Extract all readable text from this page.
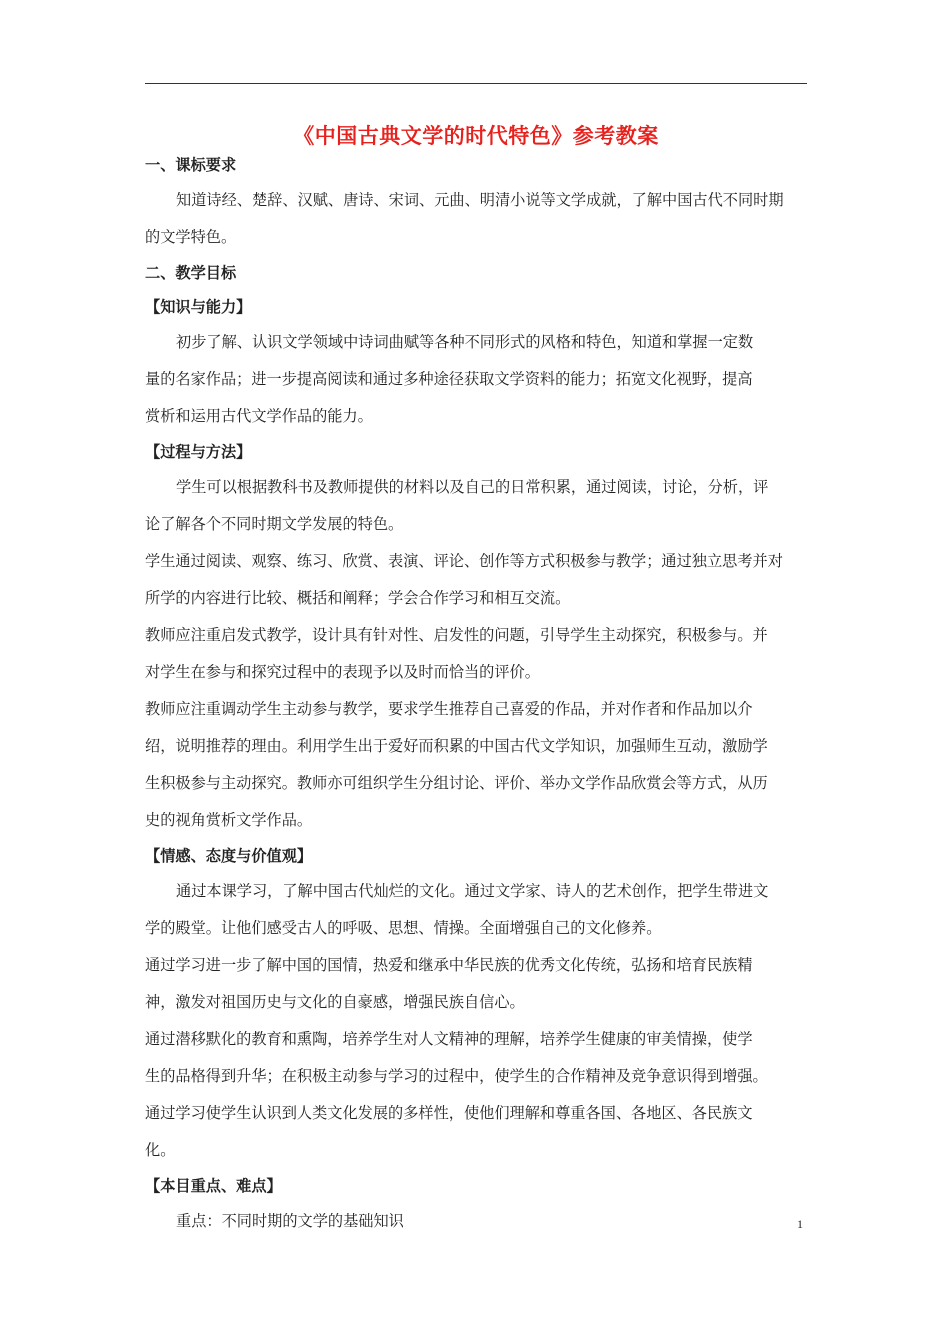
《中国古典文学的时代特色》参考教案
一、课标要求
知道诗经、楚辞、汉赋、唐诗、宋词、元曲、明清小说等文学成就，了解中国古代不同时期
的文学特色。
二、教学目标
【知识与能力】
初步了解、认识文学领域中诗词曲赋等各种不同形式的风格和特色，知道和掌握一定数
量的名家作品；进一步提高阅读和通过多种途径获取文学资料的能力；拓宽文化视野，提高
赏析和运用古代文学作品的能力。
【过程与方法】
学生可以根据教科书及教师提供的材料以及自己的日常积累，通过阅读，讨论，分析，评
论了解各个不同时期文学发展的特色。
学生通过阅读、观察、练习、欣赏、表演、评论、创作等方式积极参与教学；通过独立思考并对
所学的内容进行比较、概括和阐释；学会合作学习和相互交流。
教师应注重启发式教学，设计具有针对性、启发性的问题，引导学生主动探究，积极参与。并
对学生在参与和探究过程中的表现予以及时而恰当的评价。
教师应注重调动学生主动参与教学，要求学生推荐自己喜爱的作品，并对作者和作品加以介
绍，说明推荐的理由。利用学生出于爱好而积累的中国古代文学知识，加强师生互动，激励学
生积极参与主动探究。教师亦可组织学生分组讨论、评价、举办文学作品欣赏会等方式，从历
史的视角赏析文学作品。
【情感、态度与价值观】
通过本课学习，了解中国古代灿烂的文化。通过文学家、诗人的艺术创作，把学生带进文
学的殿堂。让他们感受古人的呼吸、思想、情操。全面增强自己的文化修养。
通过学习进一步了解中国的国情，热爱和继承中华民族的优秀文化传统，弘扬和培育民族精
神，激发对祖国历史与文化的自豪感，增强民族自信心。
通过潜移默化的教育和熏陶，培养学生对人文精神的理解，培养学生健康的审美情操，使学
生的品格得到升华；在积极主动参与学习的过程中，使学生的合作精神及竞争意识得到增强。
通过学习使学生认识到人类文化发展的多样性，使他们理解和尊重各国、各地区、各民族文
化。
【本目重点、难点】
重点：不同时期的文学的基础知识	1
